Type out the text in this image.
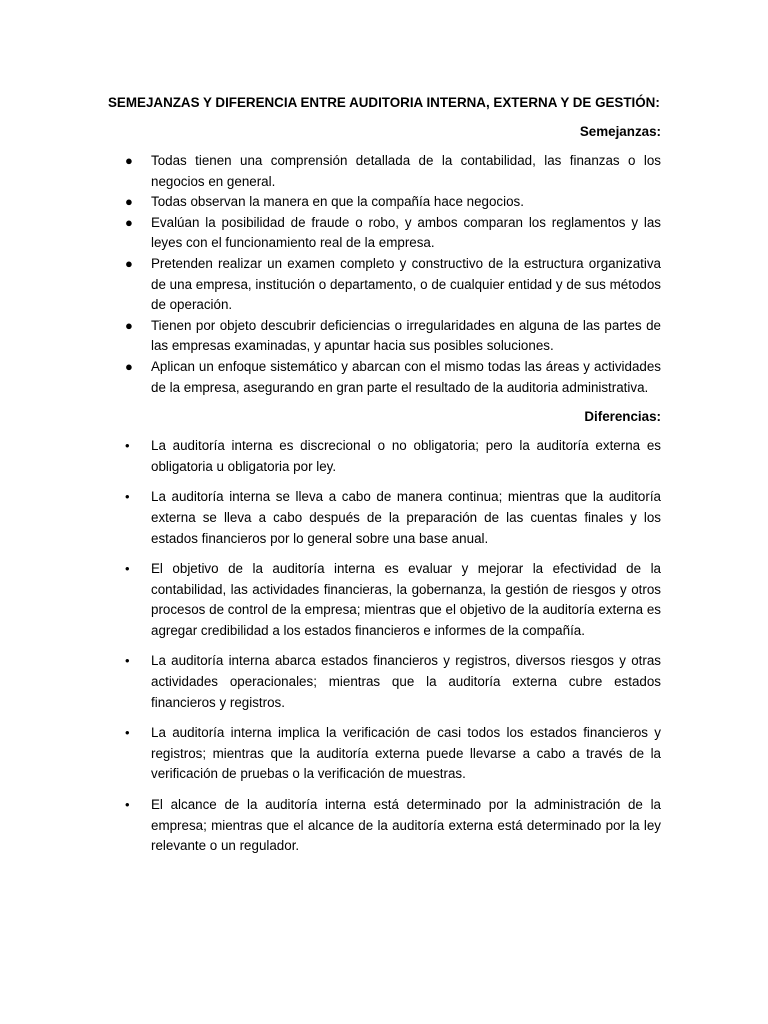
SEMEJANZAS Y DIFERENCIA ENTRE AUDITORIA INTERNA, EXTERNA Y DE GESTIÓN:

Semejanzas:

● Todas tienen una comprensión detallada de la contabilidad, las finanzas o los negocios en general.
● Todas observan la manera en que la compañía hace negocios.
● Evalúan la posibilidad de fraude o robo, y ambos comparan los reglamentos y las leyes con el funcionamiento real de la empresa.
● Pretenden realizar un examen completo y constructivo de la estructura organizativa de una empresa, institución o departamento, o de cualquier entidad y de sus métodos de operación.
● Tienen por objeto descubrir deficiencias o irregularidades en alguna de las partes de las empresas examinadas, y apuntar hacia sus posibles soluciones.
● Aplican un enfoque sistemático y abarcan con el mismo todas las áreas y actividades de la empresa, asegurando en gran parte el resultado de la auditoria administrativa.

Diferencias:

• La auditoría interna es discrecional o no obligatoria; pero la auditoría externa es obligatoria u obligatoria por ley.
• La auditoría interna se lleva a cabo de manera continua; mientras que la auditoría externa se lleva a cabo después de la preparación de las cuentas finales y los estados financieros por lo general sobre una base anual.
• El objetivo de la auditoría interna es evaluar y mejorar la efectividad de la contabilidad, las actividades financieras, la gobernanza, la gestión de riesgos y otros procesos de control de la empresa; mientras que el objetivo de la auditoría externa es agregar credibilidad a los estados financieros e informes de la compañía.
• La auditoría interna abarca estados financieros y registros, diversos riesgos y otras actividades operacionales; mientras que la auditoría externa cubre estados financieros y registros.
• La auditoría interna implica la verificación de casi todos los estados financieros y registros; mientras que la auditoría externa puede llevarse a cabo a través de la verificación de pruebas o la verificación de muestras.
• El alcance de la auditoría interna está determinado por la administración de la empresa; mientras que el alcance de la auditoría externa está determinado por la ley relevante o un regulador.
